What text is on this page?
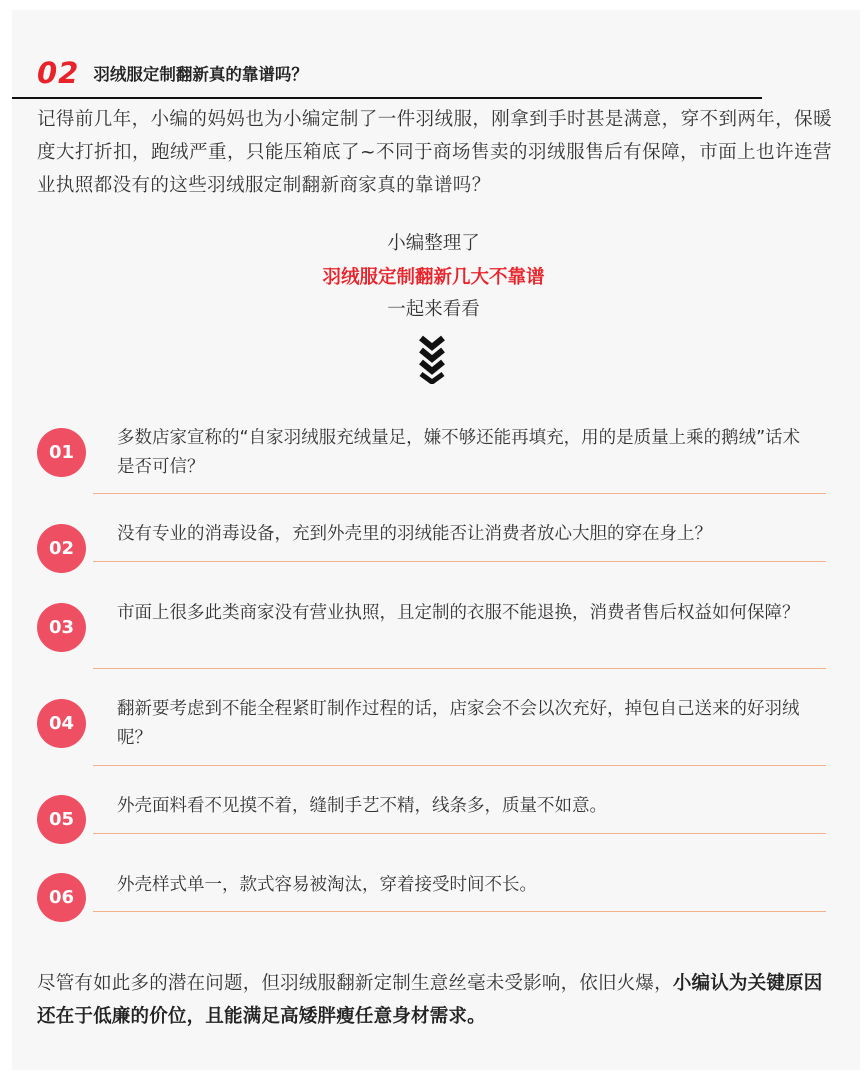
02 羽绒服定制翻新真的靠谱吗？

记得前几年，小编的妈妈也为小编定制了一件羽绒服，刚拿到手时甚是满意，穿不到两年，保暖度大打折扣，跑绒严重，只能压箱底了~不同于商场售卖的羽绒服售后有保障，市面上也许连营业执照都没有的这些羽绒服定制翻新商家真的靠谱吗？

小编整理了
羽绒服定制翻新几大不靠谱
一起来看看
01

多数店家宣称的“自家羽绒服充绒量足，嫌不够还能再填充，用的是质量上乘的鹅绒”话术是否可信？

02

没有专业的消毒设备，充到外壳里的羽绒能否让消费者放心大胆的穿在身上？

03

市面上很多此类商家没有营业执照，且定制的衣服不能退换，消费者售后权益如何保障？

04

翻新要考虑到不能全程紧盯制作过程的话，店家会不会以次充好，掉包自己送来的好羽绒呢？

05

外壳面料看不见摸不着，缝制手艺不精，线条多，质量不如意。

06

外壳样式单一，款式容易被淘汰，穿着接受时间不长。

尽管有如此多的潜在问题，但羽绒服翻新定制生意丝毫未受影响，依旧火爆，小编认为关键原因还在于低廉的价位，且能满足高矮胖瘦任意身材需求。
